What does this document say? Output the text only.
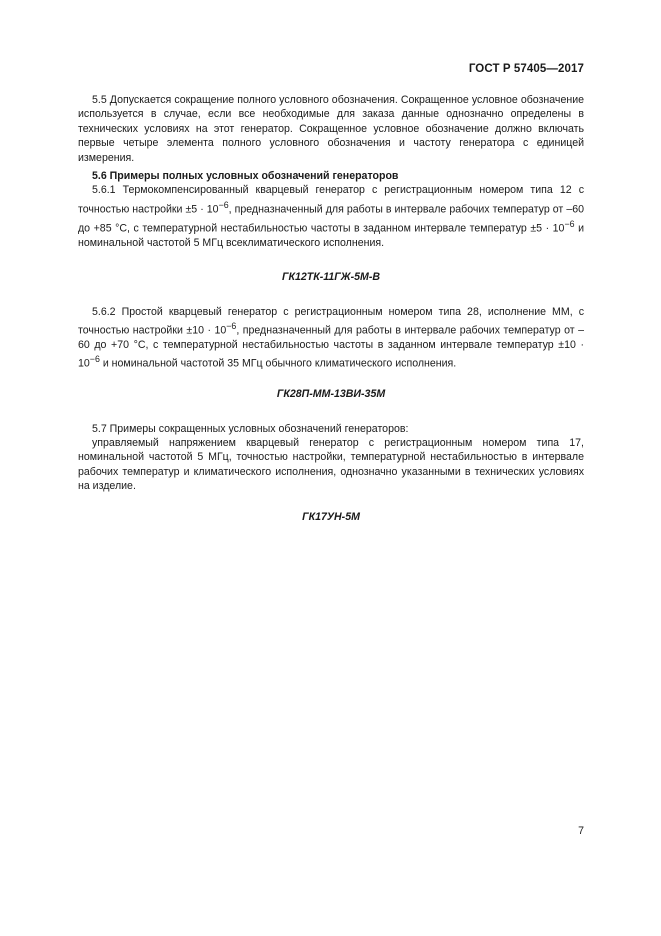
ГОСТ Р 57405—2017

5.5 Допускается сокращение полного условного обозначения. Сокращенное условное обозначение используется в случае, если все необходимые для заказа данные однозначно определены в технических условиях на этот генератор. Сокращенное условное обозначение должно включать первые четыре элемента полного условного обозначения и частоту генератора с единицей измерения.

5.6 Примеры полных условных обозначений генераторов

5.6.1 Термокомпенсированный кварцевый генератор с регистрационным номером типа 12 с точностью настройки $\pm 5 \cdot 10^{-6}$, предназначенный для работы в интервале рабочих температур от –60 до +85 °С, с температурной нестабильностью частоты в заданном интервале температур $\pm 5 \cdot 10^{-6}$ и номинальной частотой 5 МГц всеклиматического исполнения.

ГК12ТК-11ГЖ-5М-В

5.6.2 Простой кварцевый генератор с регистрационным номером типа 28, исполнение ММ, с точностью настройки $\pm 10 \cdot 10^{-6}$, предназначенный для работы в интервале рабочих температур от –60 до +70 °С, с температурной нестабильностью частоты в заданном интервале температур $\pm 10 \cdot 10^{-6}$ и номинальной частотой 35 МГц обычного климатического исполнения.

ГК28П-ММ-13ВИ-35М

5.7 Примеры сокращенных условных обозначений генераторов:

управляемый напряжением кварцевый генератор с регистрационным номером типа 17, номинальной частотой 5 МГц, точностью настройки, температурной нестабильностью в интервале рабочих температур и климатического исполнения, однозначно указанными в технических условиях на изделие.

ГК17УН-5М
7
